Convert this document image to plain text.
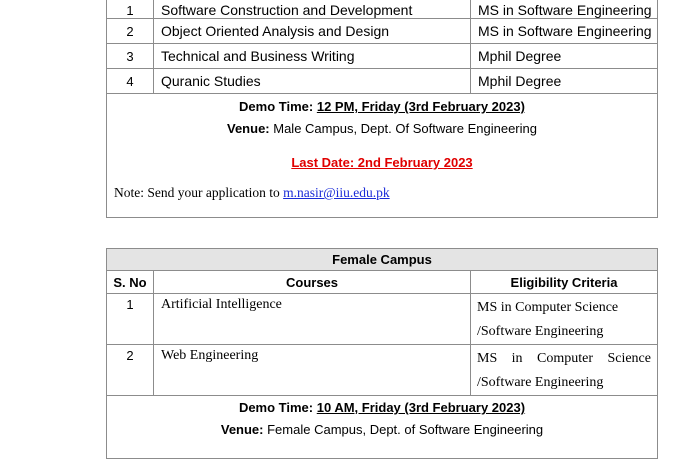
1	Software Construction and Development	MS in Software Engineering
2	Object Oriented Analysis and Design	MS in Software Engineering
3	Technical and Business Writing	Mphil Degree
4	Quranic Studies	Mphil Degree

Demo Time: 12 PM, Friday (3rd February 2023)
Venue: Male Campus, Dept. Of Software Engineering
Last Date: 2nd February 2023
Note: Send your application to m.nasir@iiu.edu.pk		
Female Campus		
S. No	Courses	Eligibility Criteria
1	Artificial Intelligence	MS in Computer Science
/Software Engineering

2	Web Engineering	MS in Computer Science
/Software Engineering

Demo Time: 10 AM, Friday (3rd February 2023)
Venue: Female Campus, Dept. of Software Engineering		
